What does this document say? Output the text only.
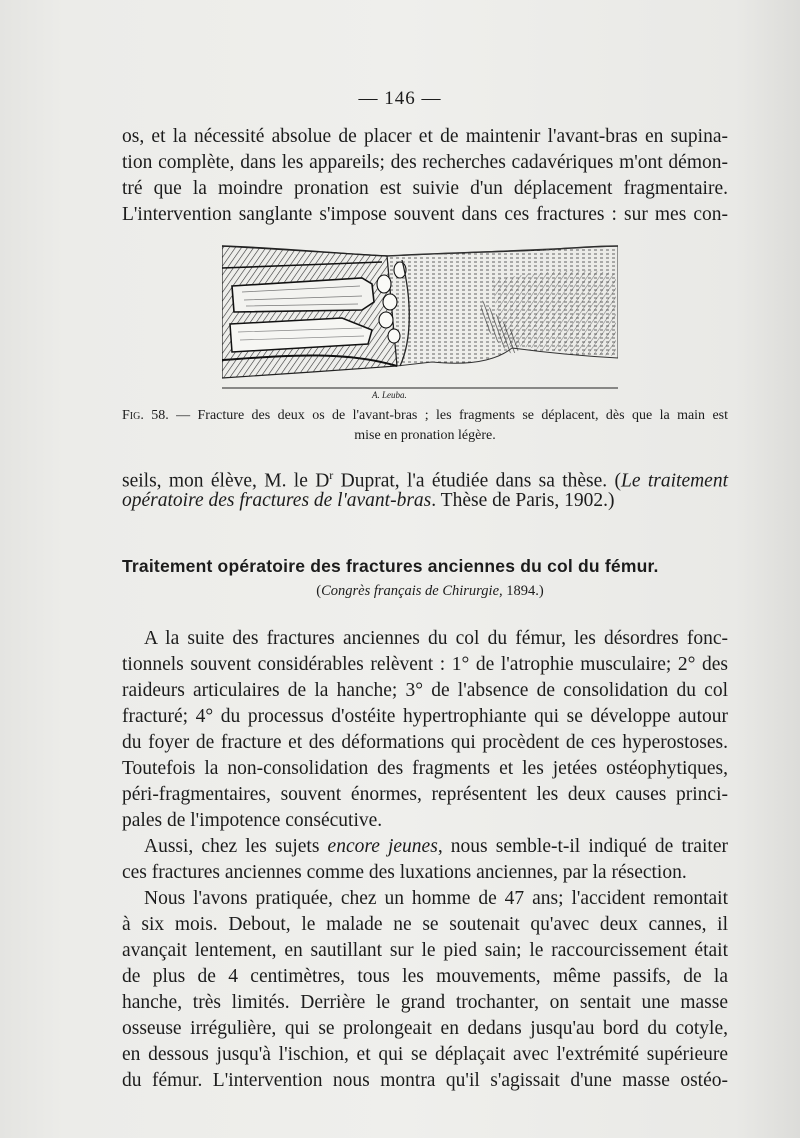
— 146 —
os, et la nécessité absolue de placer et de maintenir l'avant-bras en supina-
tion complète, dans les appareils; des recherches cadavériques m'ont démon-
tré que la moindre pronation est suivie d'un déplacement fragmentaire.
L'intervention sanglante s'impose souvent dans ces fractures : sur mes con-
A. Leuba.
Fig. 58. — Fracture des deux os de l'avant-bras ; les fragments se déplacent, dès que la main est
mise en pronation légère.
seils, mon élève, M. le $D^r$ Duprat, l'a étudiée dans sa thèse. (Le traitement
opératoire des fractures de l'avant-bras. Thèse de Paris, 1902.)
Traitement opératoire des fractures anciennes du col du fémur.
(Congrès français de Chirurgie, 1894.)
A la suite des fractures anciennes du col du fémur, les désordres fonc-
tionnels souvent considérables relèvent : 1° de l'atrophie musculaire; 2° des
raideurs articulaires de la hanche; 3° de l'absence de consolidation du col
fracturé; 4° du processus d'ostéite hypertrophiante qui se développe autour
du foyer de fracture et des déformations qui procèdent de ces hyperostoses.
Toutefois la non-consolidation des fragments et les jetées ostéophytiques,
péri-fragmentaires, souvent énormes, représentent les deux causes princi-
pales de l'impotence consécutive.
Aussi, chez les sujets encore jeunes, nous semble-t-il indiqué de traiter
ces fractures anciennes comme des luxations anciennes, par la résection.
Nous l'avons pratiquée, chez un homme de 47 ans; l'accident remontait
à six mois. Debout, le malade ne se soutenait qu'avec deux cannes, il
avançait lentement, en sautillant sur le pied sain; le raccourcissement était
de plus de 4 centimètres, tous les mouvements, même passifs, de la
hanche, très limités. Derrière le grand trochanter, on sentait une masse
osseuse irrégulière, qui se prolongeait en dedans jusqu'au bord du cotyle,
en dessous jusqu'à l'ischion, et qui se déplaçait avec l'extrémité supérieure
du fémur. L'intervention nous montra qu'il s'agissait d'une masse ostéo-
